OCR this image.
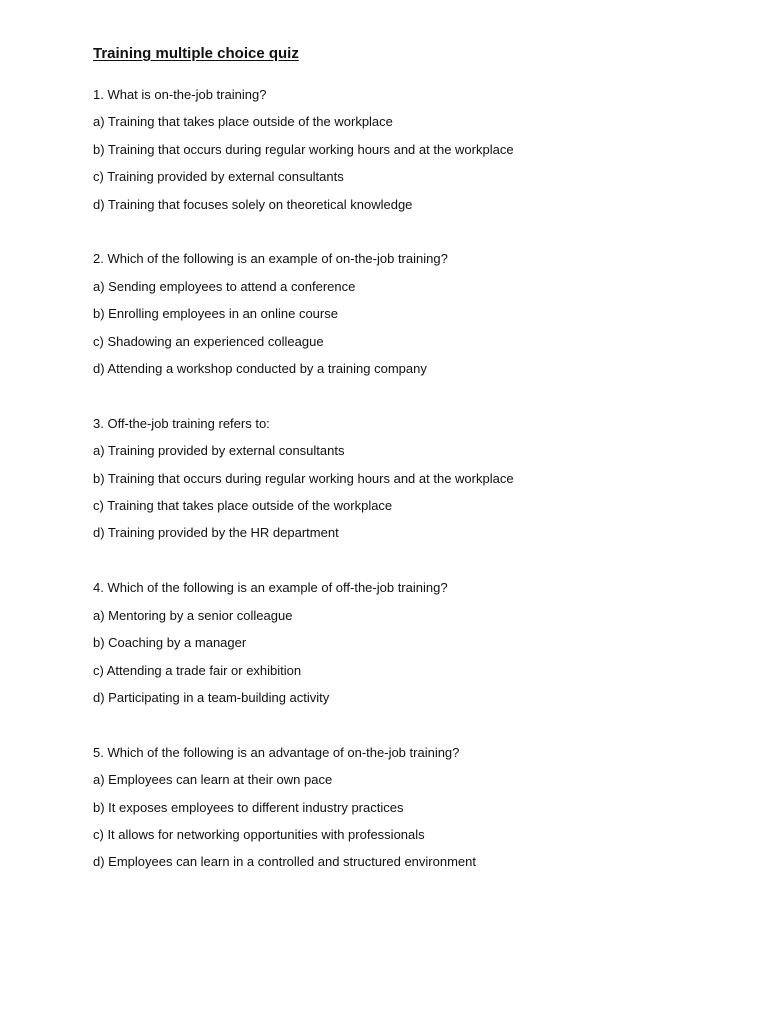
Training multiple choice quiz
1. What is on-the-job training?
a) Training that takes place outside of the workplace
b) Training that occurs during regular working hours and at the workplace
c) Training provided by external consultants
d) Training that focuses solely on theoretical knowledge
2. Which of the following is an example of on-the-job training?
a) Sending employees to attend a conference
b) Enrolling employees in an online course
c) Shadowing an experienced colleague
d) Attending a workshop conducted by a training company
3. Off-the-job training refers to:
a) Training provided by external consultants
b) Training that occurs during regular working hours and at the workplace
c) Training that takes place outside of the workplace
d) Training provided by the HR department
4. Which of the following is an example of off-the-job training?
a) Mentoring by a senior colleague
b) Coaching by a manager
c) Attending a trade fair or exhibition
d) Participating in a team-building activity
5. Which of the following is an advantage of on-the-job training?
a) Employees can learn at their own pace
b) It exposes employees to different industry practices
c) It allows for networking opportunities with professionals
d) Employees can learn in a controlled and structured environment
